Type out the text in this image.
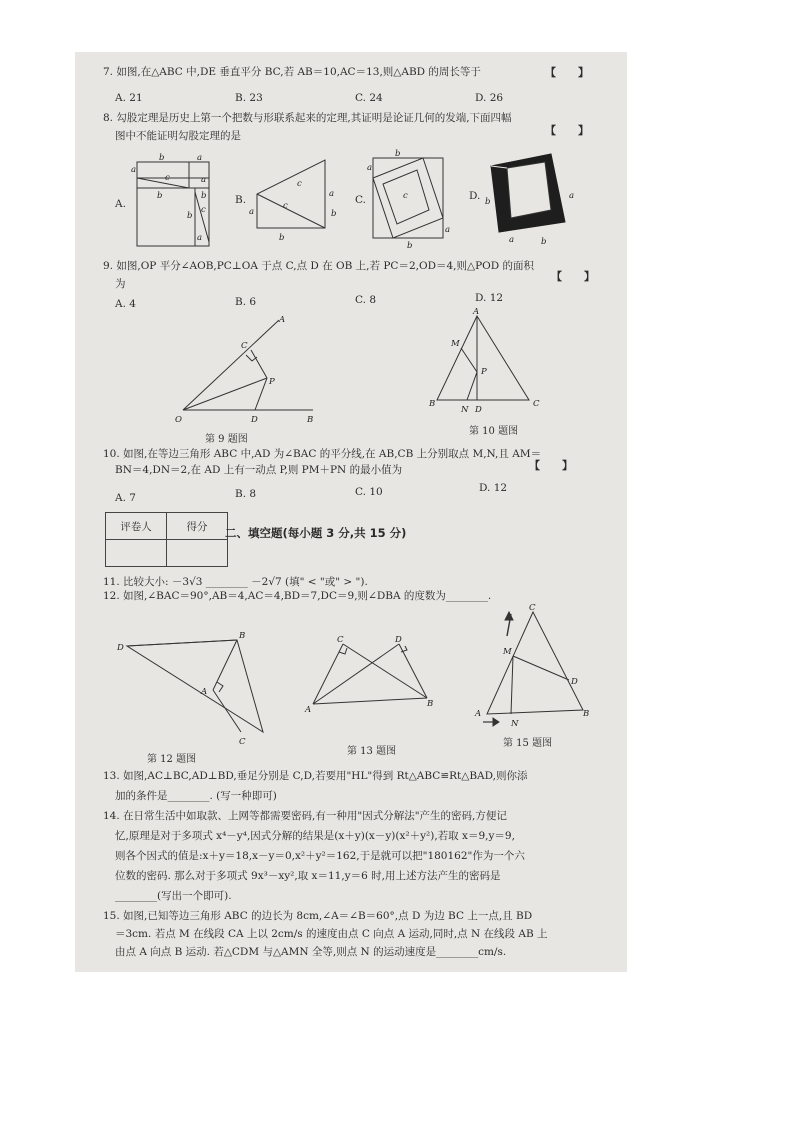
7. 如图,在△ABC 中,DE 垂直平分 BC,若 AB＝10,AC＝13,则△ABD 的周长等于	【　　】
A. 21	B. 23	C. 24	D. 26
8. 勾股定理是历史上第一个把数与形联系起来的定理,其证明是论证几何的发端,下面四幅
【　　】
图中不能证明勾股定理的是
A.
b	a
a
c
c
b
b
a
a
b	B.
a
b
c
c
a
b
C.
a
b
c
a
b
D.
a	b
a
b
9. 如图,OP 平分∠AOB,PC⊥OA 于点 C,点 D 在 OB 上,若 PC＝2,OD＝4,则△POD 的面积
【　　】
为
A. 4	B. 6	C. 8	D. 12
A
C
P
O	D	B
第 9 题图
A
M
P
B
N D
C
第 10 题图
10. 如图,在等边三角形 ABC 中,AD 为∠BAC 的平分线,在 AB,CB 上分别取点 M,N,且 AM＝
BN＝4,DN＝2,在 AD 上有一动点 P,则 PM＋PN 的最小值为	【　　】
A. 7	B. 8	C. 10	D. 12
评卷人	得分
	二、填空题(每小题 3 分,共 15 分)
11. 比较大小: －3√3 ________ －2√7 (填" < "或" > ").
12. 如图,∠BAC＝90°,AB＝4,AC＝4,BD＝7,DC＝9,则∠DBA 的度数为________.
D
B
A
C
第 12 题图
C	D
A
B
第 13 题图
C
M
D
A
N
B
第 15 题图
13. 如图,AC⊥BC,AD⊥BD,垂足分别是 C,D,若要用"HL"得到 Rt△ABC≌Rt△BAD,则你添
加的条件是________. (写一种即可)
14. 在日常生活中如取款、上网等都需要密码,有一种用"因式分解法"产生的密码,方便记
忆,原理是对于多项式 x⁴－y⁴,因式分解的结果是(x＋y)(x－y)(x²＋y²),若取 x＝9,y＝9,
则各个因式的值是:x＋y＝18,x－y＝0,x²＋y²＝162,于是就可以把"180162"作为一个六
位数的密码. 那么对于多项式 9x³－xy²,取 x＝11,y＝6 时,用上述方法产生的密码是
________(写出一个即可).
15. 如图,已知等边三角形 ABC 的边长为 8cm,∠A＝∠B＝60°,点 D 为边 BC 上一点,且 BD
＝3cm. 若点 M 在线段 CA 上以 2cm/s 的速度由点 C 向点 A 运动,同时,点 N 在线段 AB 上
由点 A 向点 B 运动. 若△CDM 与△AMN 全等,则点 N 的运动速度是________cm/s.
